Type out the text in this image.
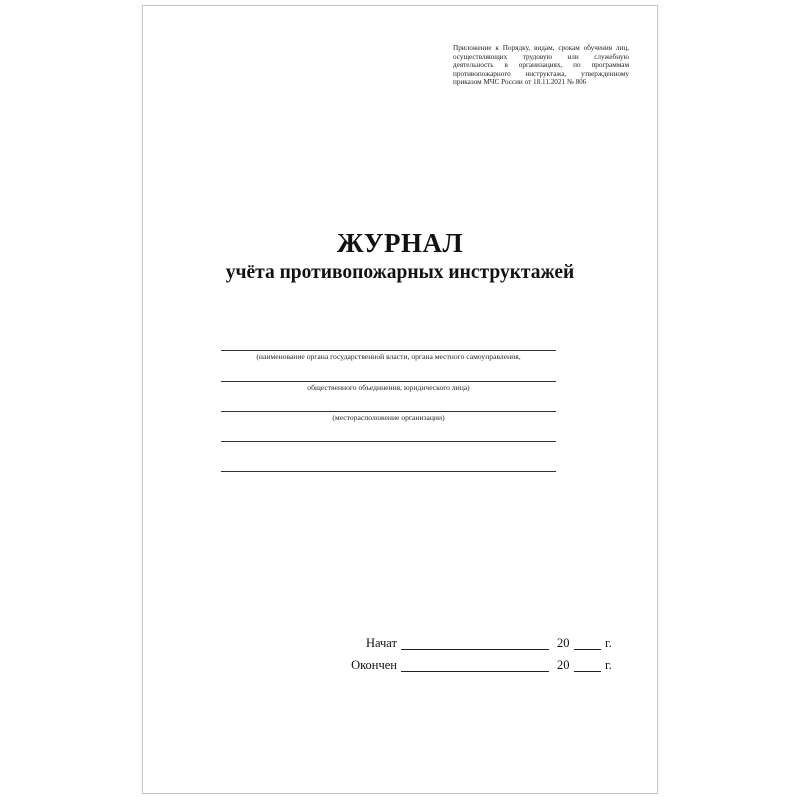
Приложение к Порядку, видам, срокам обучения лиц, осуществляющих трудовую или служебную деятельность в организациях, по программам противопожарного инструктажа, утвержденному приказом МЧС России от 18.11.2021 № 806
ЖУРНАЛ
учёта противопожарных инструктажей
(наименование органа государственной власти, органа местного самоуправления,
общественного объединения, юридического лица)
(месторасположение организации)
Начат	20	г.
Окончен	20	г.
